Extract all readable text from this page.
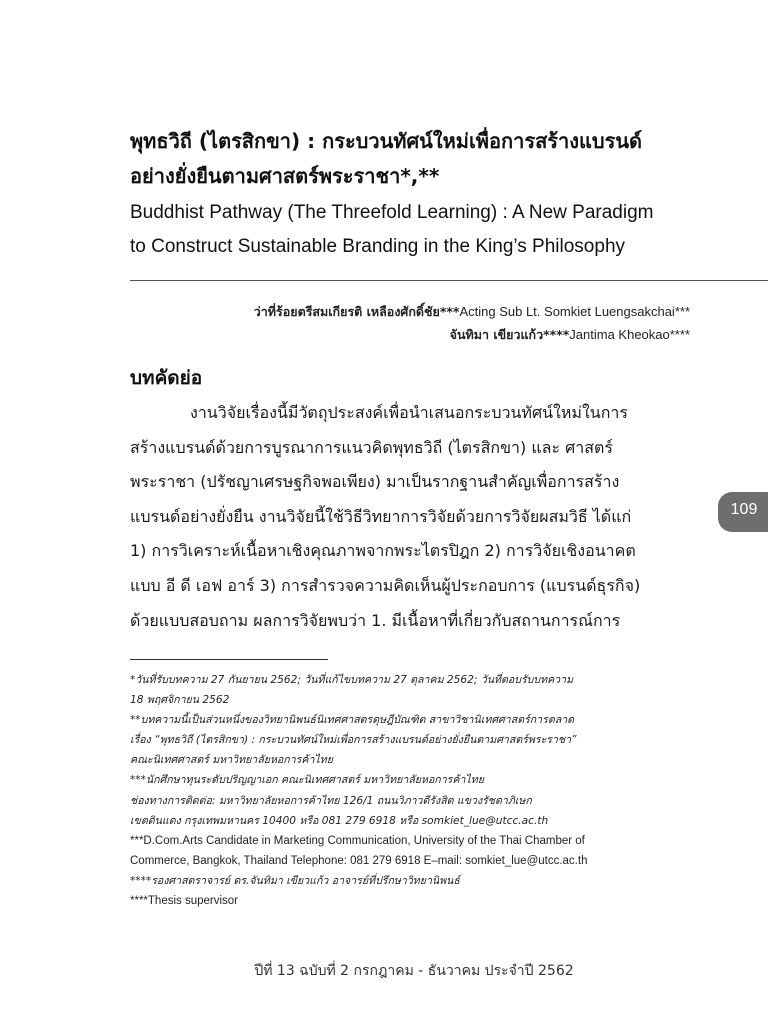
พุทธวิถี (ไตรสิกขา) : กระบวนทัศน์ใหม่เพื่อการสร้างแบรนด์
อย่างยั่งยืนตามศาสตร์พระราชา*,**
Buddhist Pathway (The Threefold Learning) : A New Paradigm
to Construct Sustainable Branding in the King’s Philosophy
ว่าที่ร้อยตรีสมเกียรติ เหลืองศักดิ์ชัย***Acting Sub Lt. Somkiet Luengsakchai***
จันทิมา เขียวแก้ว****Jantima Kheokao****
บทคัดย่อ
งานวิจัยเรื่องนี้มีวัตถุประสงค์เพื่อนำเสนอกระบวนทัศน์ใหม่ในการ
สร้างแบรนด์ด้วยการบูรณาการแนวคิดพุทธวิถี (ไตรสิกขา) และ ศาสตร์
พระราชา (ปรัชญาเศรษฐกิจพอเพียง) มาเป็นรากฐานสำคัญเพื่อการสร้าง
แบรนด์อย่างยั่งยืน งานวิจัยนี้ใช้วิธีวิทยาการวิจัยด้วยการวิจัยผสมวิธี ได้แก่
1) การวิเคราะห์เนื้อหาเชิงคุณภาพจากพระไตรปิฎก 2) การวิจัยเชิงอนาคต
แบบ อี ดี เอฟ อาร์ 3) การสำรวจความคิดเห็นผู้ประกอบการ (แบรนด์ธุรกิจ)
ด้วยแบบสอบถาม ผลการวิจัยพบว่า 1. มีเนื้อหาที่เกี่ยวกับสถานการณ์การ
109
*วันที่รับบทความ 27 กันยายน 2562; วันที่แก้ไขบทความ 27 ตุลาคม 2562; วันที่ตอบรับบทความ
18 พฤศจิกายน 2562
**บทความนี้เป็นส่วนหนึ่งของวิทยานิพนธ์นิเทศศาสตรดุษฎีบัณฑิต สาขาวิชานิเทศศาสตร์การตลาด
เรื่อง “พุทธวิถี (ไตรสิกขา) : กระบวนทัศน์ใหม่เพื่อการสร้างแบรนด์อย่างยั่งยืนตามศาสตร์พระราชา”
คณะนิเทศศาสตร์ มหาวิทยาลัยหอการค้าไทย
***นักศึกษาทุนระดับปริญญาเอก คณะนิเทศศาสตร์ มหาวิทยาลัยหอการค้าไทย
ช่องทางการติดต่อ: มหาวิทยาลัยหอการค้าไทย 126/1 ถนนวิภาวดีรังสิต แขวงรัชดาภิเษก
เขตดินแดง กรุงเทพมหานคร 10400 หรือ 081 279 6918 หรือ somkiet_lue@utcc.ac.th
***D.Com.Arts Candidate in Marketing Communication, University of the Thai Chamber of
Commerce, Bangkok, Thailand Telephone: 081 279 6918 E–mail: somkiet_lue@utcc.ac.th
****รองศาสตราจารย์ ดร.จันทิมา เขียวแก้ว อาจารย์ที่ปรึกษาวิทยานิพนธ์
****Thesis supervisor
ปีที่ 13 ฉบับที่ 2 กรกฎาคม - ธันวาคม ประจำปี 2562
